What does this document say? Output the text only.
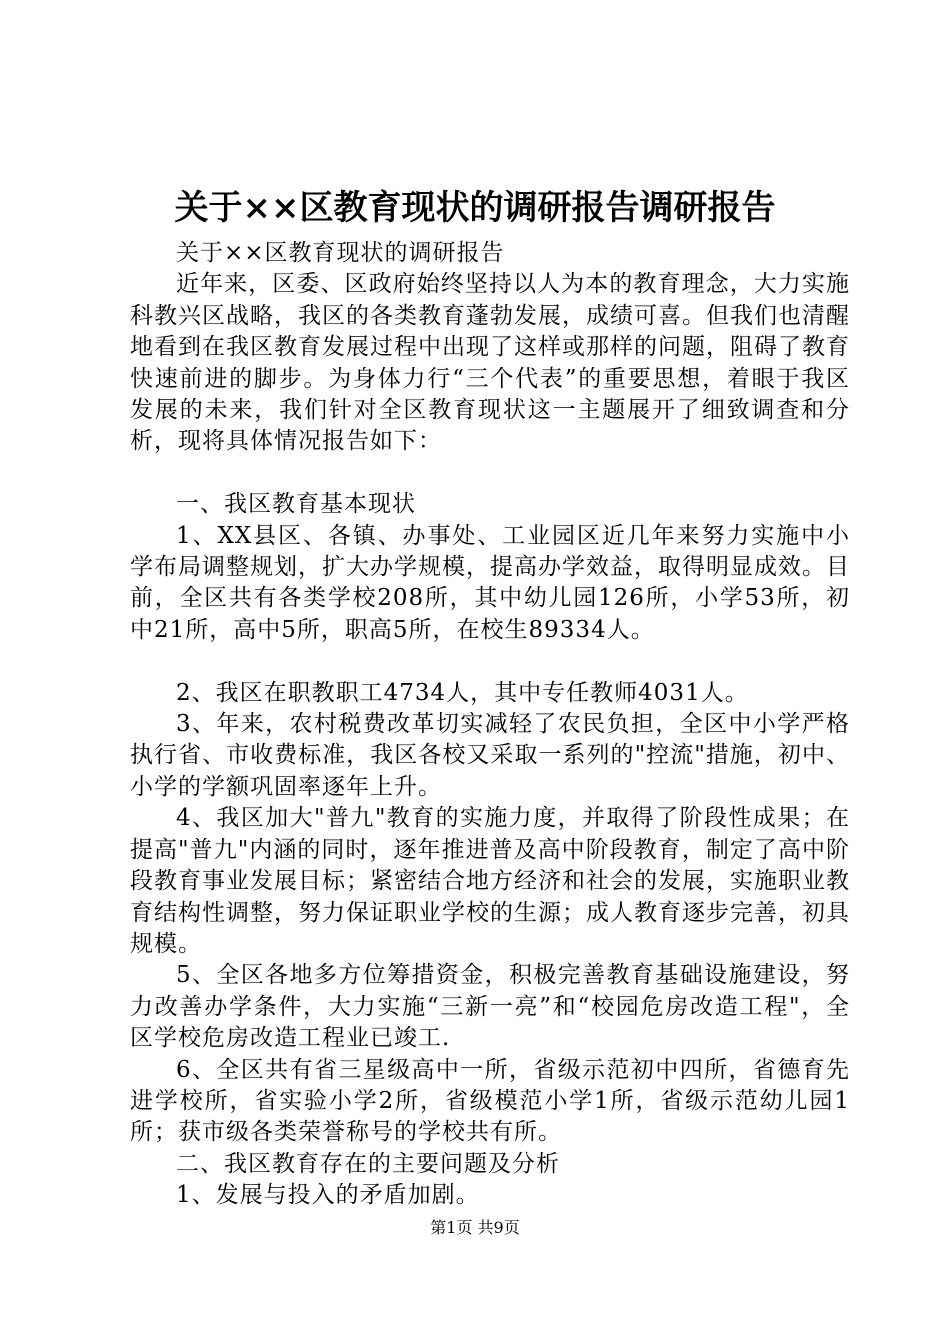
关于××区教育现状的调研报告调研报告

关于××区教育现状的调研报告

近年来，区委、区政府始终坚持以人为本的教育理念，大力实施科教兴区战略，我区的各类教育蓬勃发展，成绩可喜。但我们也清醒地看到在我区教育发展过程中出现了这样或那样的问题，阻碍了教育快速前进的脚步。为身体力行“三个代表”的重要思想，着眼于我区发展的未来，我们针对全区教育现状这一主题展开了细致调查和分析，现将具体情况报告如下：

一、我区教育基本现状

1、XX县区、各镇、办事处、工业园区近几年来努力实施中小学布局调整规划，扩大办学规模，提高办学效益，取得明显成效。目前，全区共有各类学校208所，其中幼儿园126所，小学53所，初中21所，高中5所，职高5所，在校生89334人。

2、我区在职教职工4734人，其中专任教师4031人。

3、年来，农村税费改革切实减轻了农民负担，全区中小学严格执行省、市收费标准，我区各校又采取一系列的"控流"措施，初中、小学的学额巩固率逐年上升。

4、我区加大"普九"教育的实施力度，并取得了阶段性成果；在提高"普九"内涵的同时，逐年推进普及高中阶段教育，制定了高中阶段教育事业发展目标；紧密结合地方经济和社会的发展，实施职业教育结构性调整，努力保证职业学校的生源；成人教育逐步完善，初具规模。

5、全区各地多方位筹措资金，积极完善教育基础设施建设，努力改善办学条件，大力实施“三新一亮”和“校园危房改造工程"，全区学校危房改造工程业已竣工.

6、全区共有省三星级高中一所，省级示范初中四所，省德育先进学校所，省实验小学2所，省级模范小学1所，省级示范幼儿园1所；获市级各类荣誉称号的学校共有所。

二、我区教育存在的主要问题及分析

1、发展与投入的矛盾加剧。

第1页 共9页
